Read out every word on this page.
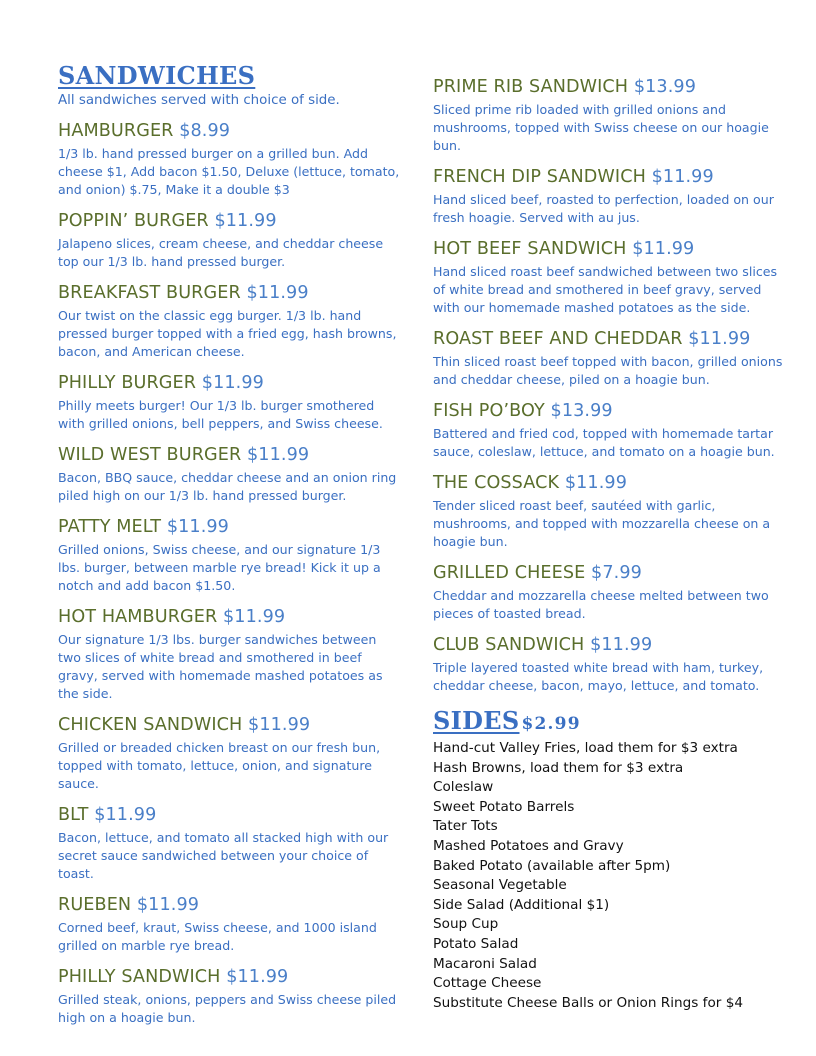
SANDWICHES
All sandwiches served with choice of side.
HAMBURGER $8.99
1/3 lb. hand pressed burger on a grilled bun. Add cheese $1, Add bacon $1.50, Deluxe (lettuce, tomato, and onion) $.75, Make it a double $3
POPPIN’ BURGER $11.99
Jalapeno slices, cream cheese, and cheddar cheese top our 1/3 lb. hand pressed burger.
BREAKFAST BURGER $11.99
Our twist on the classic egg burger. 1/3 lb. hand pressed burger topped with a fried egg, hash browns, bacon, and American cheese.
PHILLY BURGER $11.99
Philly meets burger! Our 1/3 lb. burger smothered with grilled onions, bell peppers, and Swiss cheese.
WILD WEST BURGER $11.99
Bacon, BBQ sauce, cheddar cheese and an onion ring piled high on our 1/3 lb. hand pressed burger.
PATTY MELT $11.99
Grilled onions, Swiss cheese, and our signature 1/3 lbs. burger, between marble rye bread! Kick it up a notch and add bacon $1.50.
HOT HAMBURGER $11.99
Our signature 1/3 lbs. burger sandwiches between two slices of white bread and smothered in beef gravy, served with homemade mashed potatoes as the side.
CHICKEN SANDWICH $11.99
Grilled or breaded chicken breast on our fresh bun, topped with tomato, lettuce, onion, and signature sauce.
BLT $11.99
Bacon, lettuce, and tomato all stacked high with our secret sauce sandwiched between your choice of toast.
RUEBEN $11.99
Corned beef, kraut, Swiss cheese, and 1000 island grilled on marble rye bread.
PHILLY SANDWICH $11.99
Grilled steak, onions, peppers and Swiss cheese piled high on a hoagie bun.
PRIME RIB SANDWICH $13.99
Sliced prime rib loaded with grilled onions and mushrooms, topped with Swiss cheese on our hoagie bun.
FRENCH DIP SANDWICH $11.99
Hand sliced beef, roasted to perfection, loaded on our fresh hoagie. Served with au jus.
HOT BEEF SANDWICH $11.99
Hand sliced roast beef sandwiched between two slices of white bread and smothered in beef gravy, served with our homemade mashed potatoes as the side.
ROAST BEEF AND CHEDDAR $11.99
Thin sliced roast beef topped with bacon, grilled onions and cheddar cheese, piled on a hoagie bun.
FISH PO’BOY $13.99
Battered and fried cod, topped with homemade tartar sauce, coleslaw, lettuce, and tomato on a hoagie bun.
THE COSSACK $11.99
Tender sliced roast beef, sautéed with garlic, mushrooms, and topped with mozzarella cheese on a hoagie bun.
GRILLED CHEESE $7.99
Cheddar and mozzarella cheese melted between two pieces of toasted bread.
CLUB SANDWICH $11.99
Triple layered toasted white bread with ham, turkey, cheddar cheese, bacon, mayo, lettuce, and tomato.
SIDES $2.99
Hand-cut Valley Fries, load them for $3 extra
Hash Browns, load them for $3 extra
Coleslaw
Sweet Potato Barrels
Tater Tots
Mashed Potatoes and Gravy
Baked Potato (available after 5pm)
Seasonal Vegetable
Side Salad (Additional $1)
Soup Cup
Potato Salad
Macaroni Salad
Cottage Cheese
Substitute Cheese Balls or Onion Rings for $4
